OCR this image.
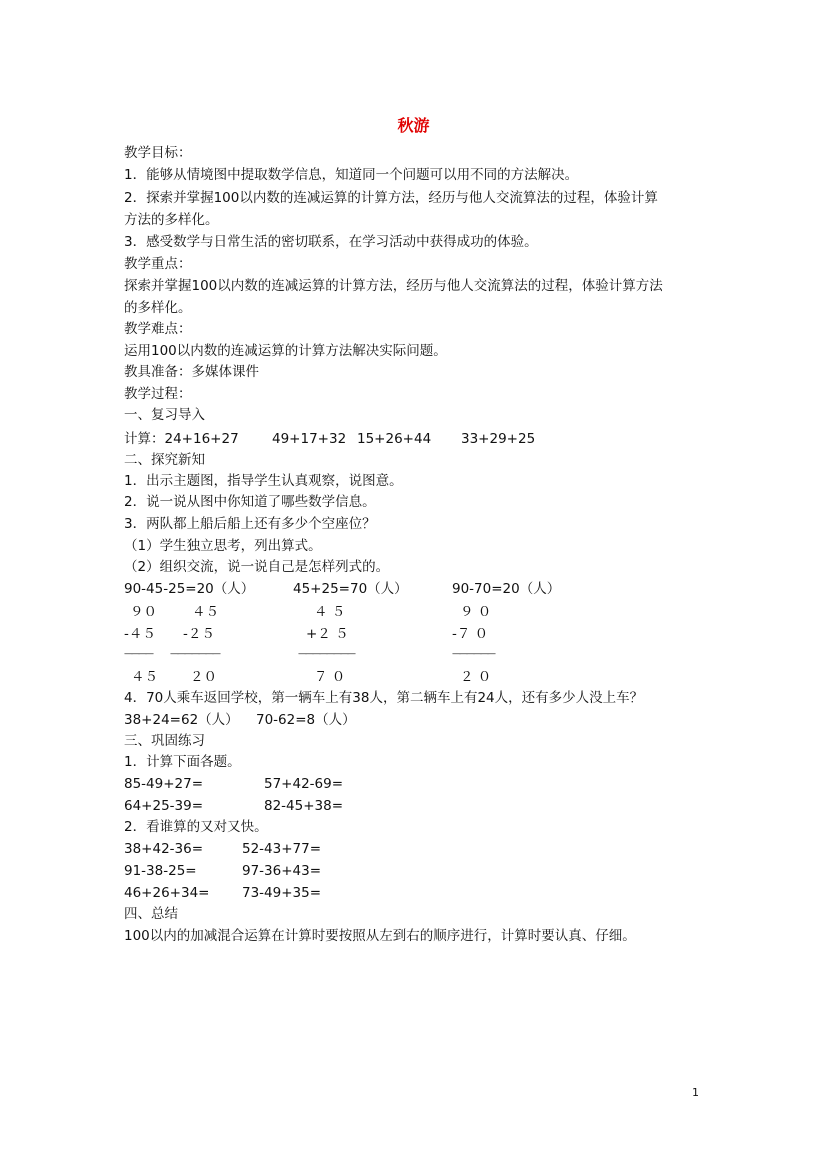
秋游
教学目标：
1．能够从情境图中提取数学信息，知道同一个问题可以用不同的方法解决。
2．探索并掌握100以内数的连减运算的计算方法，经历与他人交流算法的过程，体验计算
方法的多样化。
3．感受数学与日常生活的密切联系，在学习活动中获得成功的体验。
教学重点：
探索并掌握100以内数的连减运算的计算方法，经历与他人交流算法的过程，体验计算方法
的多样化。
教学难点：
运用100以内数的连减运算的计算方法解决实际问题。
教具准备：多媒体课件
教学过程：
一、复习导入
计算：24+16+27 49+17+32 15+26+44 33+29+25
二、探究新知
1．出示主题图，指导学生认真观察，说图意。
2．说一说从图中你知道了哪些数学信息。
3．两队都上船后船上还有多少个空座位？
（1）学生独立思考，列出算式。
（2）组织交流，说一说自己是怎样列式的。
90-45-25=20（人）	45+25=70（人）	90-70=20（人）
９０	４５	４ ５	９ ０
-４５ -２５	+２ ５	-７ ０
———— ———————	————————	——————
４５ ２０	７ ０	２ ０
4．70人乘车返回学校，第一辆车上有38人，第二辆车上有24人，还有多少人没上车？
38+24=62（人） 70-62=8（人）
三、巩固练习
1．计算下面各题。
85-49+27=	57+42-69=
64+25-39=	82-45+38=
2．看谁算的又对又快。
38+42-36=	52-43+77=
91-38-25=	97-36+43=
46+26+34= 73-49+35=
四、总结
100以内的加减混合运算在计算时要按照从左到右的顺序进行，计算时要认真、仔细。
1
